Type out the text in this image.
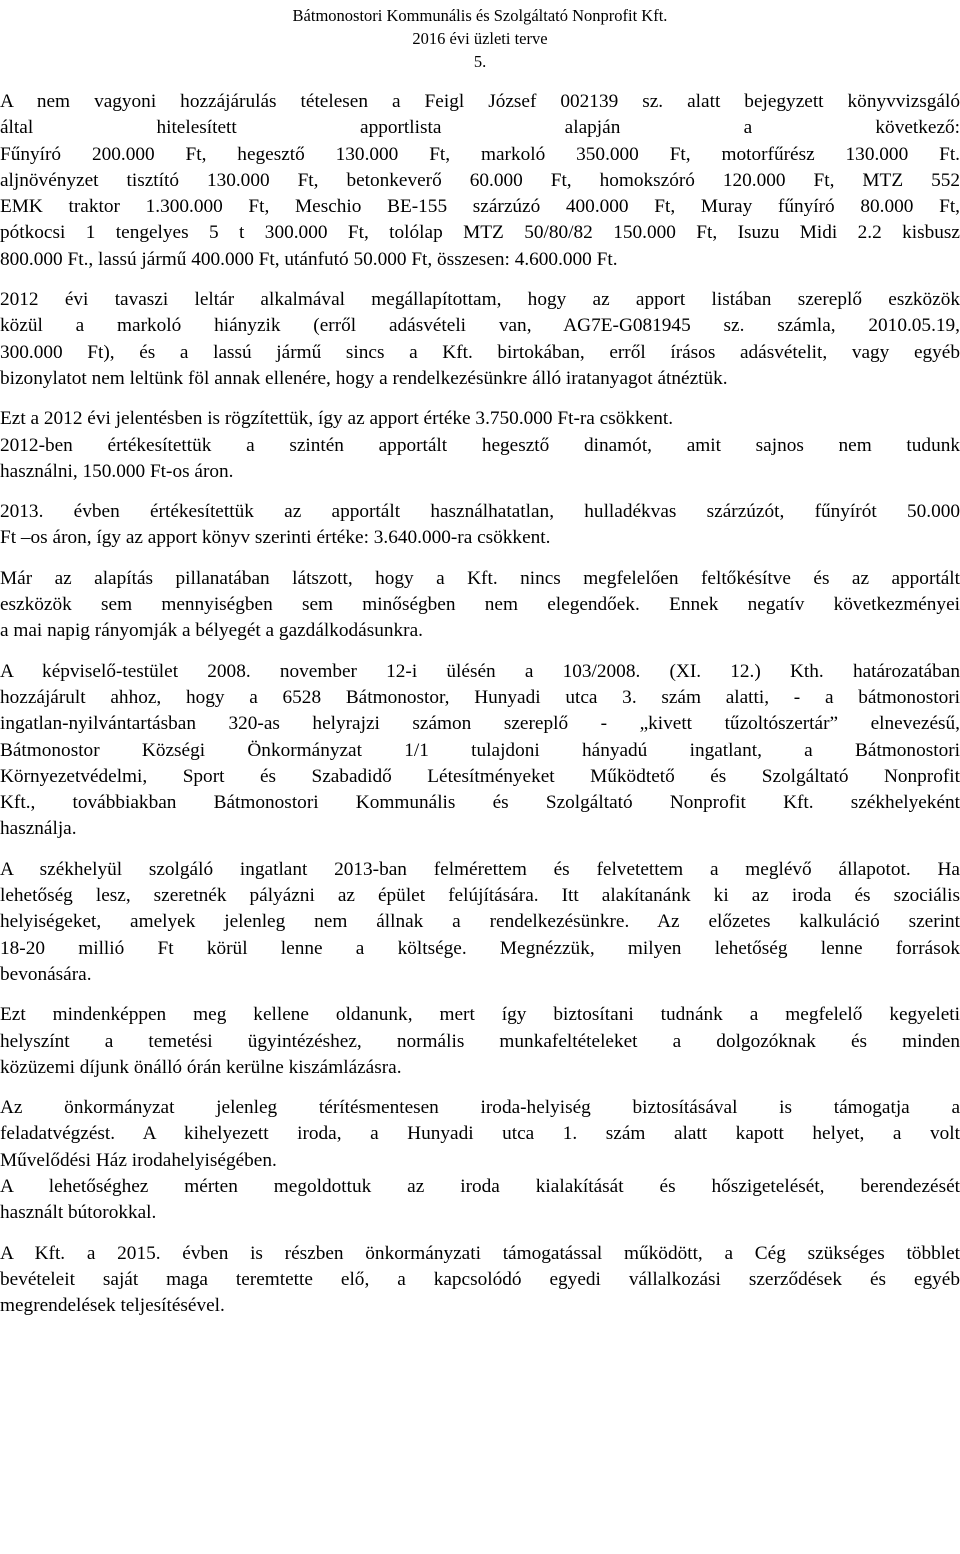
Bátmonostori Kommunális és Szolgáltató Nonprofit Kft.
2016 évi üzleti terve
5.
A nem vagyoni hozzájárulás tételesen a Feigl József 002139 sz. alatt bejegyzett könyvvizsgáló
által hitelesített apportlista alapján a következő:
Fűnyíró 200.000 Ft, hegesztő 130.000 Ft, markoló 350.000 Ft, motorfűrész 130.000 Ft.
aljnövényzet tisztító 130.000 Ft, betonkeverő 60.000 Ft, homokszóró 120.000 Ft, MTZ 552
EMK traktor 1.300.000 Ft, Meschio BE-155 szárzúzó 400.000 Ft, Muray fűnyíró 80.000 Ft,
pótkocsi 1 tengelyes 5 t 300.000 Ft, tolólap MTZ 50/80/82 150.000 Ft, Isuzu Midi 2.2 kisbusz
800.000 Ft., lassú jármű 400.000 Ft, utánfutó 50.000 Ft, összesen: 4.600.000 Ft.
2012 évi tavaszi leltár alkalmával megállapítottam, hogy az apport listában szereplő eszközök
közül a markoló hiányzik (erről adásvételi van, AG7E-G081945 sz. számla, 2010.05.19,
300.000 Ft), és a lassú jármű sincs a Kft. birtokában, erről írásos adásvételit, vagy egyéb
bizonylatot nem leltünk föl annak ellenére, hogy a rendelkezésünkre álló iratanyagot átnéztük.
Ezt a 2012 évi jelentésben is rögzítettük, így az apport értéke 3.750.000 Ft-ra csökkent.
2012-ben értékesítettük a szintén apportált hegesztő dinamót, amit sajnos nem tudunk
használni, 150.000 Ft-os áron.
2013. évben értékesítettük az apportált használhatatlan, hulladékvas szárzúzót, fűnyírót 50.000
Ft –os áron, így az apport könyv szerinti értéke: 3.640.000-ra csökkent.
Már az alapítás pillanatában látszott, hogy a Kft. nincs megfelelően feltőkésítve és az apportált
eszközök sem mennyiségben sem minőségben nem elegendőek. Ennek negatív következményei
a mai napig rányomják a bélyegét a gazdálkodásunkra.
A képviselő-testület 2008. november 12-i ülésén a 103/2008. (XI. 12.) Kth. határozatában
hozzájárult ahhoz, hogy a 6528 Bátmonostor, Hunyadi utca 3. szám alatti, - a bátmonostori
ingatlan-nyilvántartásban 320-as helyrajzi számon szereplő - „kivett tűzoltószertár” elnevezésű,
Bátmonostor Községi Önkormányzat 1/1 tulajdoni hányadú ingatlant, a Bátmonostori
Környezetvédelmi, Sport és Szabadidő Létesítményeket Működtető és Szolgáltató Nonprofit
Kft., továbbiakban Bátmonostori Kommunális és Szolgáltató Nonprofit Kft. székhelyeként
használja.
A székhelyül szolgáló ingatlant 2013-ban felmérettem és felvetettem a meglévő állapotot. Ha
lehetőség lesz, szeretnék pályázni az épület felújítására. Itt alakítanánk ki az iroda és szociális
helyiségeket, amelyek jelenleg nem állnak a rendelkezésünkre. Az előzetes kalkuláció szerint
18-20 millió Ft körül lenne a költsége. Megnézzük, milyen lehetőség lenne források
bevonására.
Ezt mindenképpen meg kellene oldanunk, mert így biztosítani tudnánk a megfelelő kegyeleti
helyszínt a temetési ügyintézéshez, normális munkafeltételeket a dolgozóknak és minden
közüzemi díjunk önálló órán kerülne kiszámlázásra.
Az önkormányzat jelenleg térítésmentesen iroda-helyiség biztosításával is támogatja a
feladatvégzést. A kihelyezett iroda, a Hunyadi utca 1. szám alatt kapott helyet, a volt
Művelődési Ház irodahelyiségében.
A lehetőséghez mérten megoldottuk az iroda kialakítását és hőszigetelését, berendezését
használt bútorokkal.
A Kft. a 2015. évben is részben önkormányzati támogatással működött, a Cég szükséges többlet
bevételeit saját maga teremtette elő, a kapcsolódó egyedi vállalkozási szerződések és egyéb
megrendelések teljesítésével.
